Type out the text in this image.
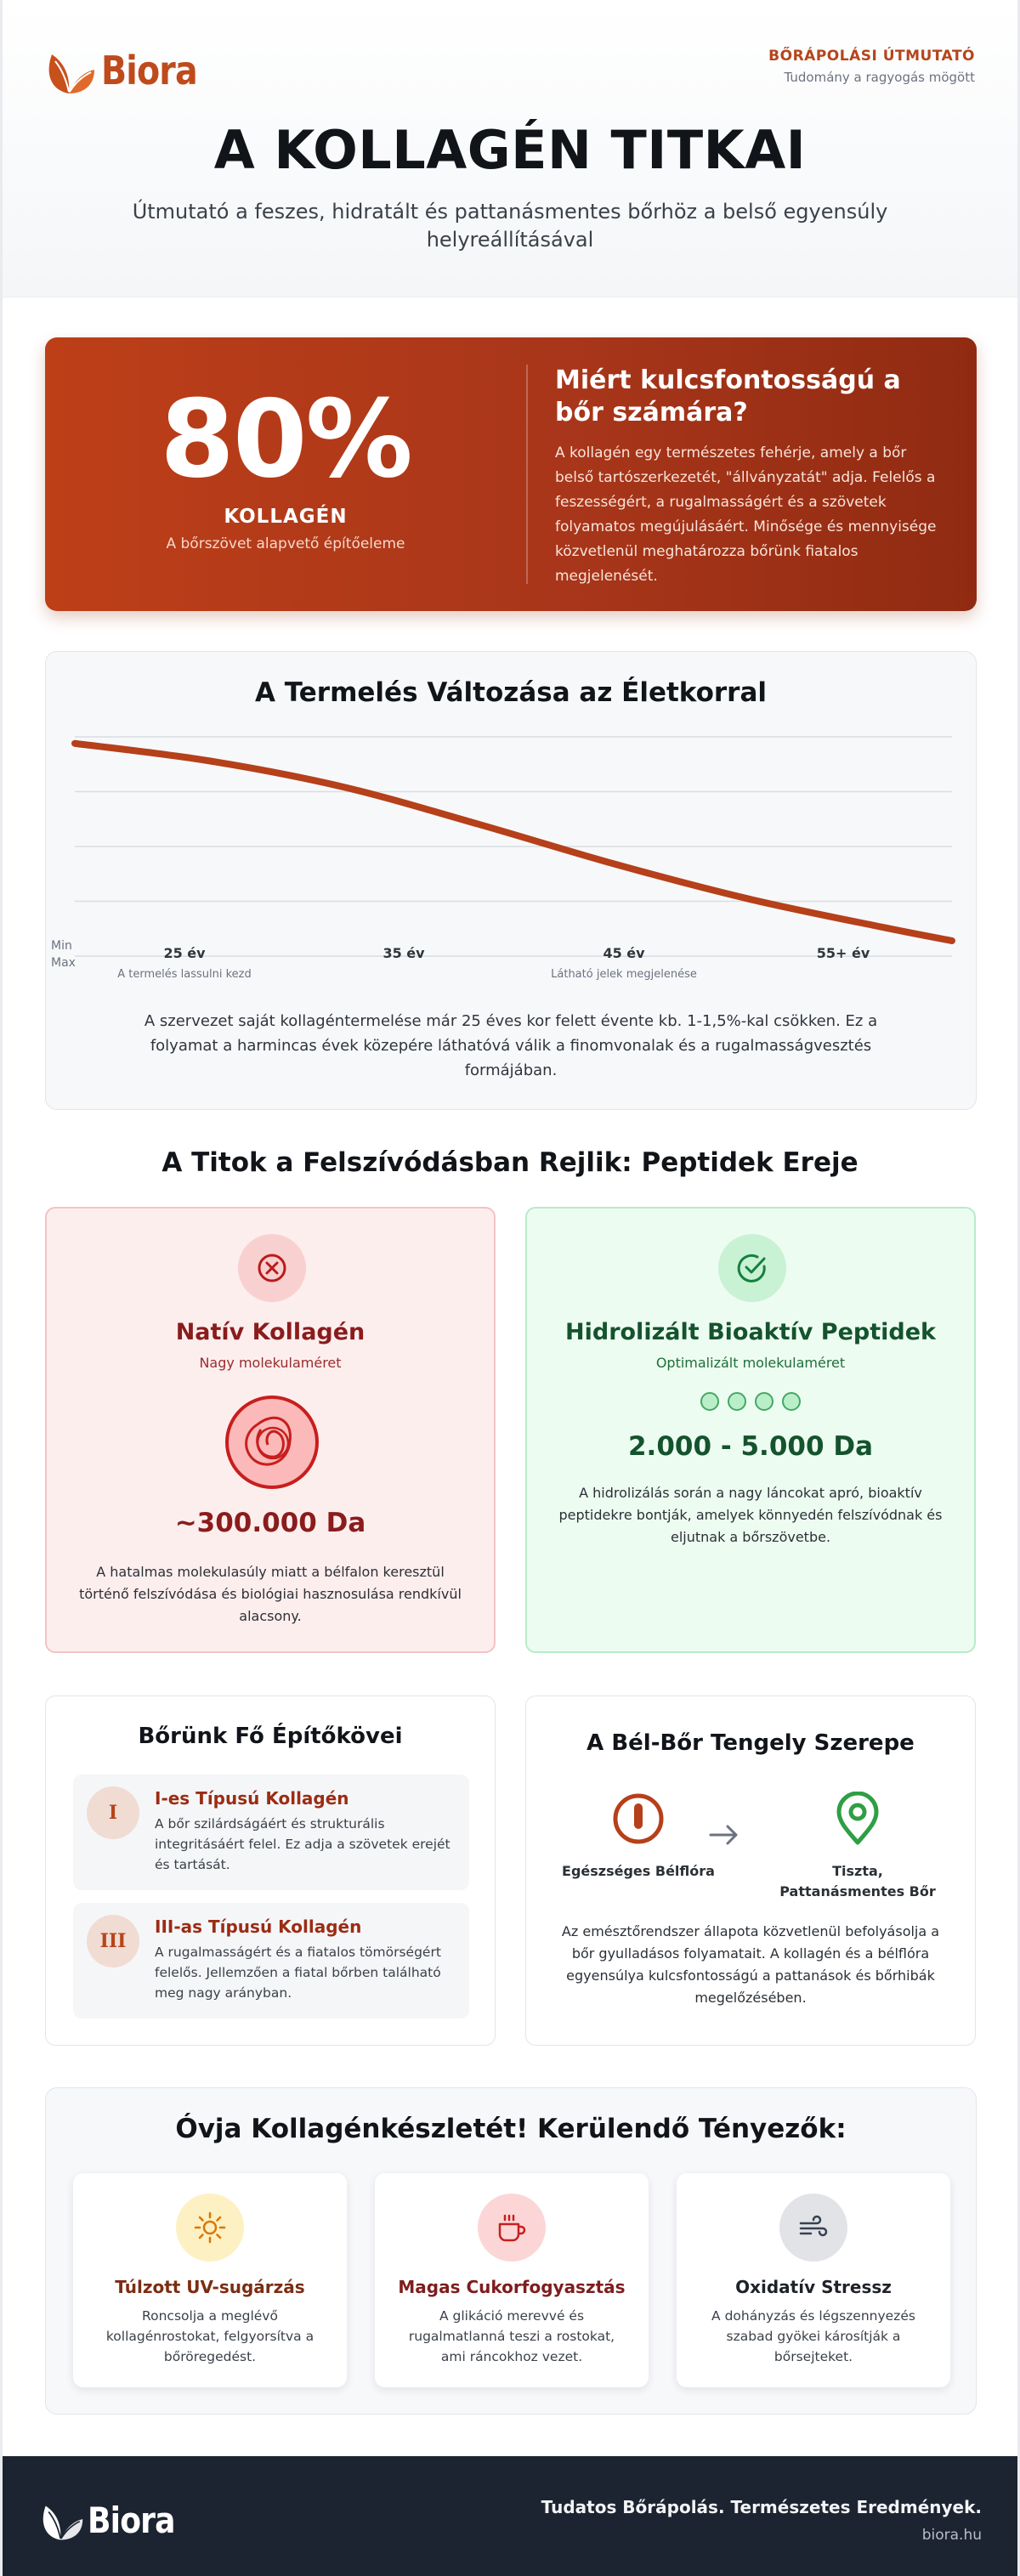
Biora	BŐRÁPOLÁSI ÚTMUTATÓ
Tudomány a ragyogás mögött
A KOLLAGÉN TITKAI

Útmutató a feszes, hidratált és pattanásmentes bőrhöz a belső egyensúly helyreállításával

80%
KOLLAGÉN
A bőrszövet alapvető építőeleme
Miért kulcsfontosságú a bőr számára?

A kollagén egy természetes fehérje, amely a bőr belső tartószerkezetét, "állványzatát" adja. Felelős a feszességért, a rugalmasságért és a szövetek folyamatos megújulásáért. Minősége és mennyisége közvetlenül meghatározza bőrünk fiatalos megjelenését.

A Termelés Változása az Életkorral
Min
Max
25 év
A termelés lassulni kezd
35 év	45 év
Látható jelek megjelenése
55+ év

A szervezet saját kollagéntermelése már 25 éves kor felett évente kb. 1-1,5%-kal csökken. Ez a folyamat a harmincas évek közepére láthatóvá válik a finomvonalak és a rugalmasságvesztés formájában.

A Titok a Felszívódásban Rejlik: Peptidek Ereje
Natív Kollagén
Nagy molekulaméret
~300.000 Da

A hatalmas molekulasúly miatt a bélfalon keresztül történő felszívódása és biológiai hasznosulása rendkívül alacsony.

Hidrolizált Bioaktív Peptidek
Optimalizált molekulaméret
2.000 - 5.000 Da

A hidrolizálás során a nagy láncokat apró, bioaktív peptidekre bontják, amelyek könnyedén felszívódnak és eljutnak a bőrszövetbe.

Bőrünk Fő Építőkövei
I
I-es Típusú Kollagén
A bőr szilárdságáért és strukturális integritásáért felel. Ez adja a szövetek erejét és tartását.
III
III-as Típusú Kollagén
A rugalmasságért és a fiatalos tömörségért felelős. Jellemzően a fiatal bőrben található meg nagy arányban.
A Bél-Bőr Tengely Szerepe
Egészséges Bélflóra	Tiszta, Pattanásmentes Bőr

Az emésztőrendszer állapota közvetlenül befolyásolja a bőr gyulladásos folyamatait. A kollagén és a bélflóra egyensúlya kulcsfontosságú a pattanások és bőrhibák megelőzésében.

Óvja Kollagénkészletét! Kerülendő Tényezők:
Túlzott UV-sugárzás

Roncsolja a meglévő kollagénrostokat, felgyorsítva a bőröregedést.

Magas Cukorfogyasztás

A glikáció merevvé és rugalmatlanná teszi a rostokat, ami ráncokhoz vezet.

Oxidatív Stressz

A dohányzás és légszennyezés szabad gyökei károsítják a bőrsejteket.

Biora	Tudatos Bőrápolás. Természetes Eredmények.
biora.hu
